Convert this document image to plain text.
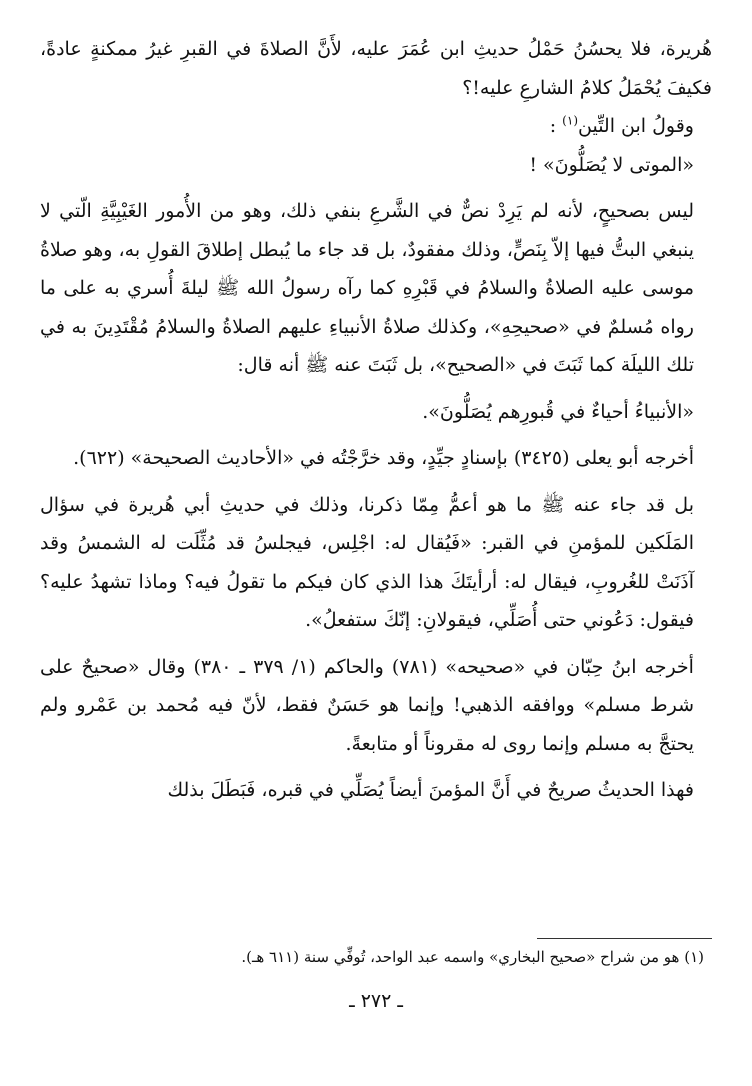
هُريرة، فلا يحسُنُ حَمْلُ حديثِ ابن عُمَرَ عليه، لأَنَّ الصلاةَ في القبرِ غيرُ ممكنةٍ عادةً، فكيفَ يُحْمَلُ كلامُ الشارعِ عليه!؟

وقولُ ابن التِّين$^{(١)}$ :

«الموتى لا يُصَلُّونَ» !

ليس بصحيحٍ، لأنه لم يَرِدْ نصٌّ في الشَّرعِ بنفي ذلك، وهو من الأُمور الغَيْبِيَّةِ الّتي لا ينبغي البتُّ فيها إلاّ بِنَصٍّ، وذلك مفقودٌ، بل قد جاء ما يُبطل إطلاقَ القولِ به، وهو صلاةُ موسى عليه الصلاةُ والسلامُ في قَبْرِهِ كما رآه رسولُ الله ﷺ ليلةَ أُسري به على ما رواه مُسلمٌ في «صحيحِهِ»، وكذلك صلاةُ الأنبياءِ عليهم الصلاةُ والسلامُ مُقْتَدِينَ به في تلك الليلَة كما ثَبَتَ في «الصحيح»، بل ثَبَتَ عنه ﷺ أنه قال:

«الأنبياءُ أحياءٌ في قُبورِهم يُصَلُّونَ».

أخرجه أبو يعلى (٣٤٢٥) بإسنادٍ جيِّدٍ، وقد خرَّجْتُه في «الأحاديث الصحيحة» (٦٢٢).

بل قد جاء عنه ﷺ ما هو أعمُّ مِمّا ذكرنا، وذلك في حديثِ أبي هُريرة في سؤال المَلَكين للمؤمنِ في القبر: «فَيُقال له: اجْلِس، فيجلسُ قد مُثِّلَت له الشمسُ وقد آذَنَتْ للغُروبِ، فيقال له: أرأيتَكَ هذا الذي كان فيكم ما تقولُ فيه؟ وماذا تشهدُ عليه؟ فيقول: دَعُوني حتى أُصَلِّي، فيقولانِ: إنّكَ ستفعلُ».

أخرجه ابنُ حِبّان في «صحيحه» (٧٨١) والحاكم (١/ ٣٧٩ ـ ٣٨٠) وقال «صحيحٌ على شرط مسلم» ووافقه الذهبي! وإنما هو حَسَنٌ فقط، لأنّ فيه مُحمد بن عَمْرو ولم يحتجَّ به مسلم وإنما روى له مقروناً أو متابعةً.

فهذا الحديثُ صريحٌ في أَنَّ المؤمنَ أيضاً يُصَلِّي في قبره، فَبَطَلَ بذلك

(١) هو من شراح «صحيح البخاري» واسمه عبد الواحد، تُوفِّي سنة (٦١١ هـ).

ـ ٢٧٢ ـ
